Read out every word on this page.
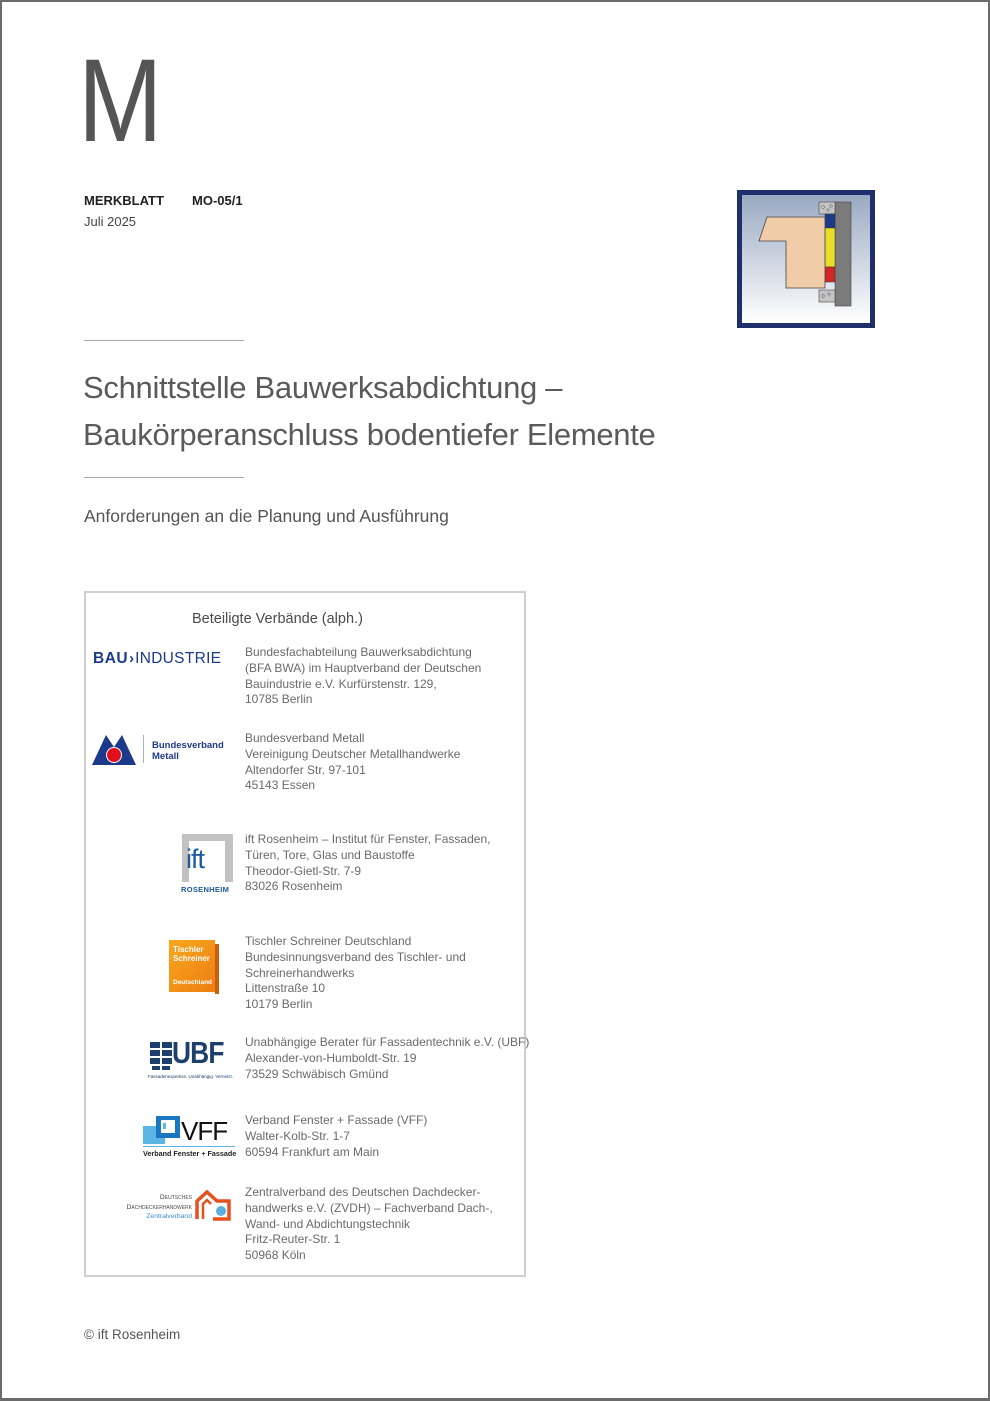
M
MERKBLATT MO-05/1
Juli 2025
Schnittstelle Bauwerksabdichtung –
Baukörperanschluss bodentiefer Elemente
Anforderungen an die Planung und Ausführung
Beteiligte Verbände (alph.)
BAU›INDUSTRIE	Bundesfachabteilung Bauwerksabdichtung
(BFA BWA) im Hauptverband der Deutschen
Bauindustrie e.V. Kurfürstenstr. 129,
10785 Berlin
Bundesverband
Metall
Bundesverband Metall
Vereinigung Deutscher Metallhandwerke
Altendorfer Str. 97-101
45143 Essen
ift
ROSENHEIM
ift Rosenheim – Institut für Fenster, Fassaden,
Türen, Tore, Glas und Baustoffe
Theodor-Gietl-Str. 7-9
83026 Rosenheim
Tischler
Schreiner
Deutschland
Tischler Schreiner Deutschland
Bundesinnungsverband des Tischler- und
Schreinerhandwerks
Littenstraße 10
10179 Berlin
UBF
Fassadenexpertise. Unabhängig. Vernetzt.
Unabhängige Berater für Fassadentechnik e.V. (UBF)
Alexander-von-Humboldt-Str. 19
73529 Schwäbisch Gmünd
VFF
Verband Fenster + Fassade
Verband Fenster + Fassade (VFF)
Walter-Kolb-Str. 1-7
60594 Frankfurt am Main
Deutsches
Dachdeckerhandwerk
Zentralverband
Zentralverband des Deutschen Dachdecker-
handwerks e.V. (ZVDH) – Fachverband Dach-,
Wand- und Abdichtungstechnik
Fritz-Reuter-Str. 1
50968 Köln
© ift Rosenheim
